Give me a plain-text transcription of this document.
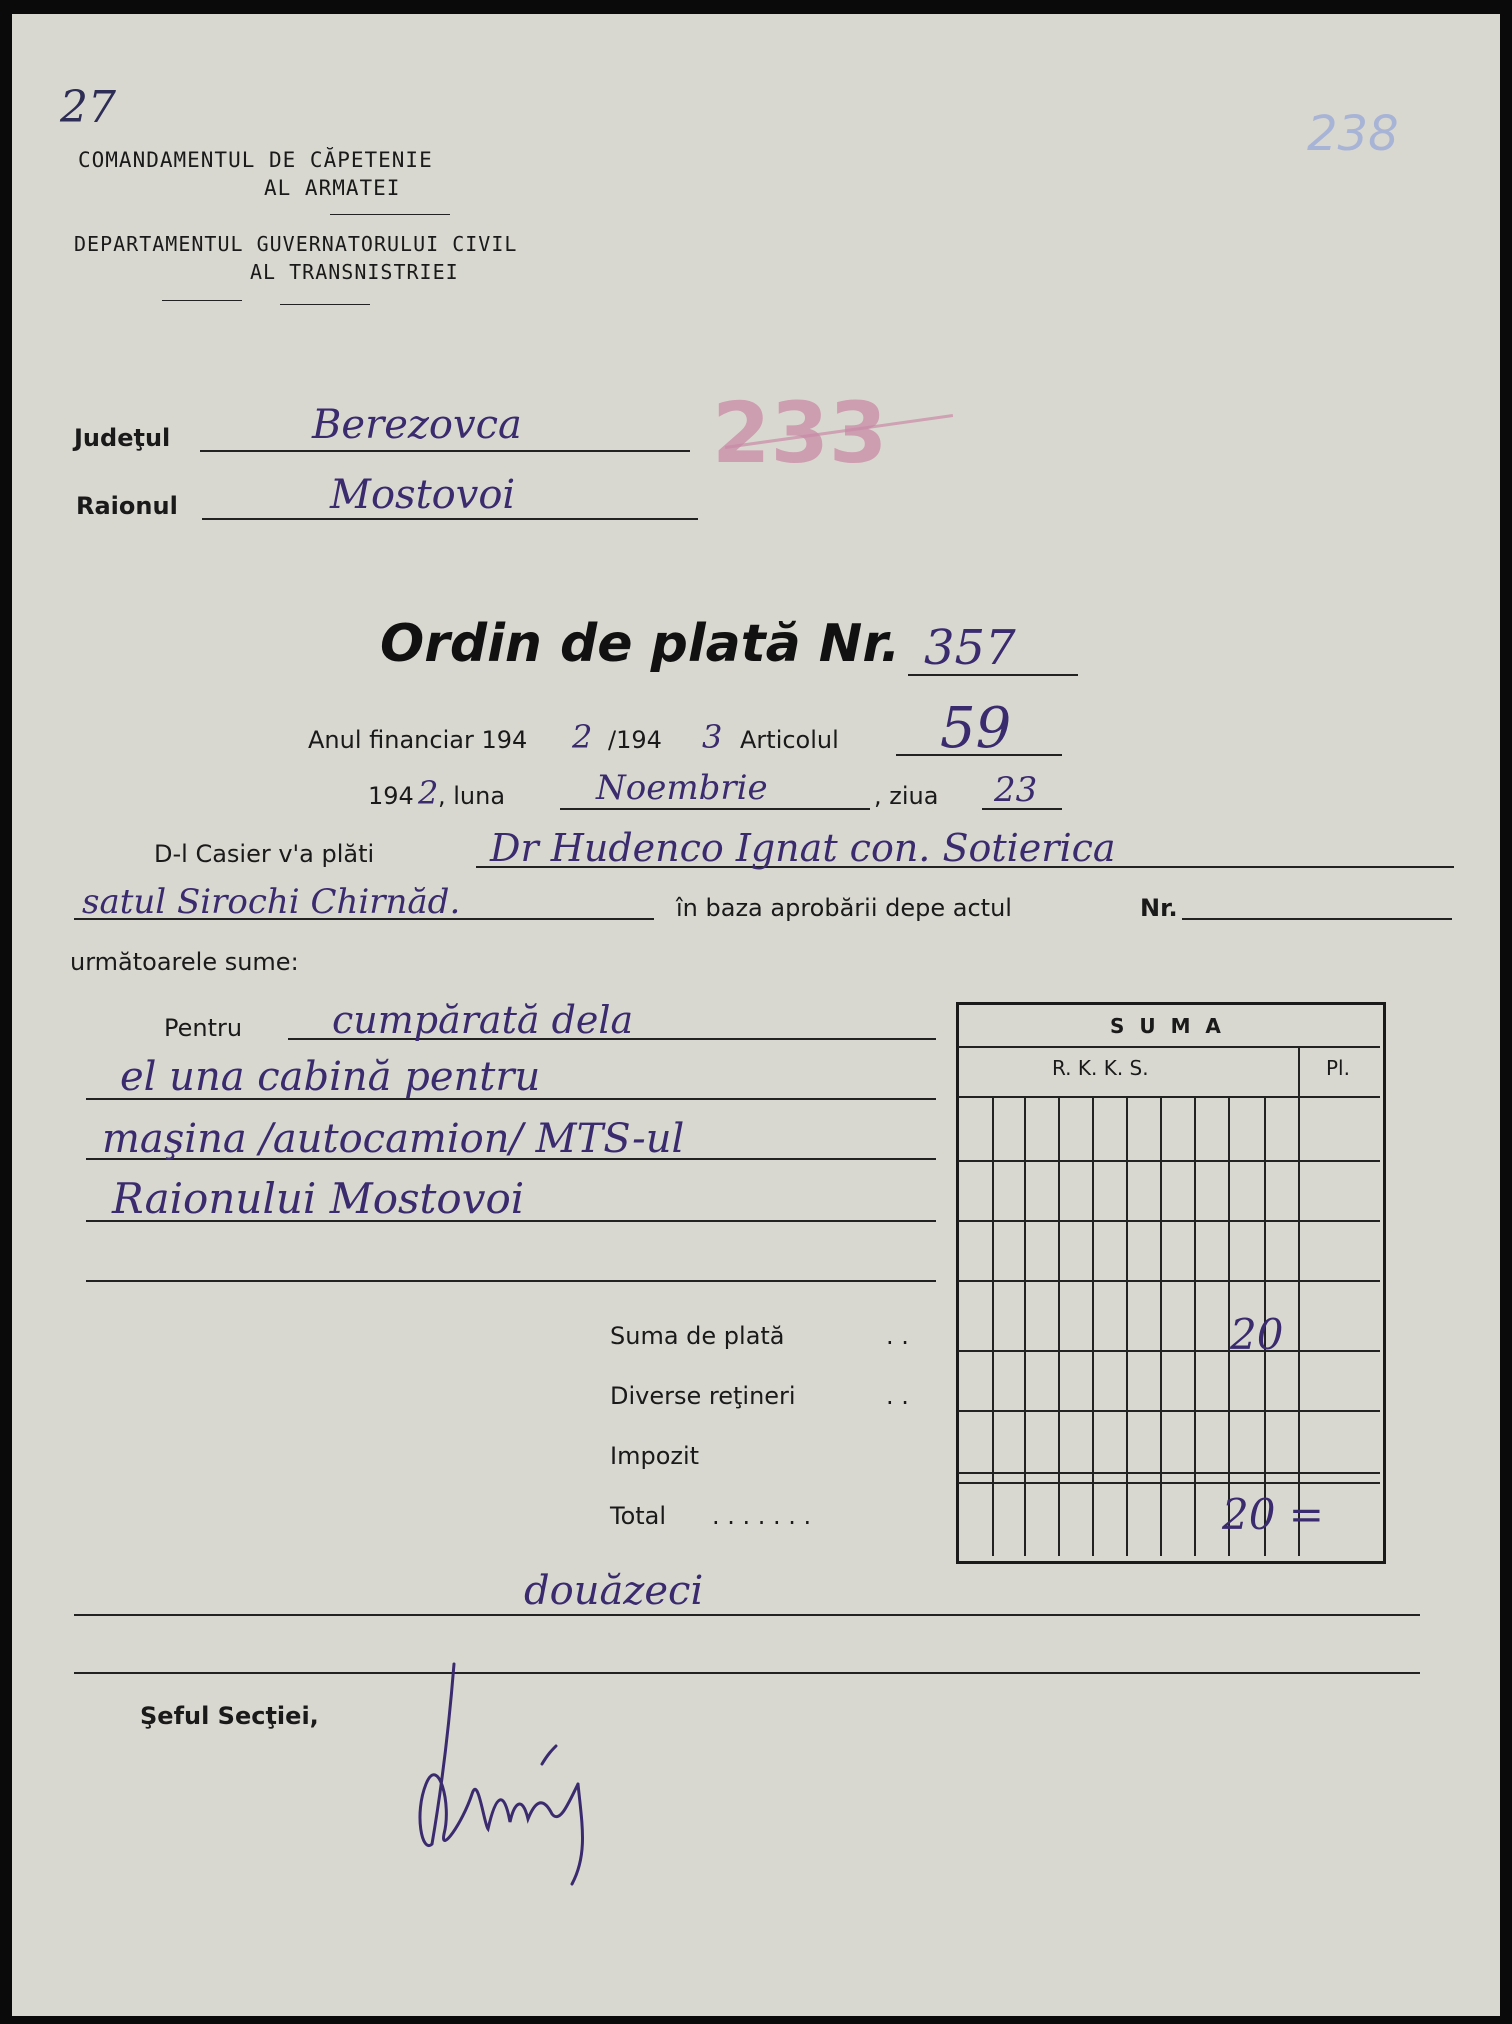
27	238
COMANDAMENTUL DE CĂPETENIE
AL ARMATEI
DEPARTAMENTUL GUVERNATORULUI CIVIL
AL TRANSNISTRIEI
Judeţul	Berezovca
Raionul	Mostovoi
233
Ordin de plată Nr. 357
Anul financiar 194 2 /194 3 Articolul 59
194 2 , luna	Noembrie	, ziua 23
D-l Casier v'a plăti	Dr Hudenco Ignat con. Sotierica
satul Sirochi Chirnăd.	în baza aprobării depe actul	Nr.
următoarele sume:
Pentru cumpărată dela
el una cabină pentru
maşina /autocamion/ MTS-ul
Raionului Mostovoi
S U M A
R. K. K. S.	Pl.
Suma de plată	. .	20
Diverse reţineri	. .
Impozit
Total . . . . . . .	20 =
douăzeci
Şeful Secţiei,
